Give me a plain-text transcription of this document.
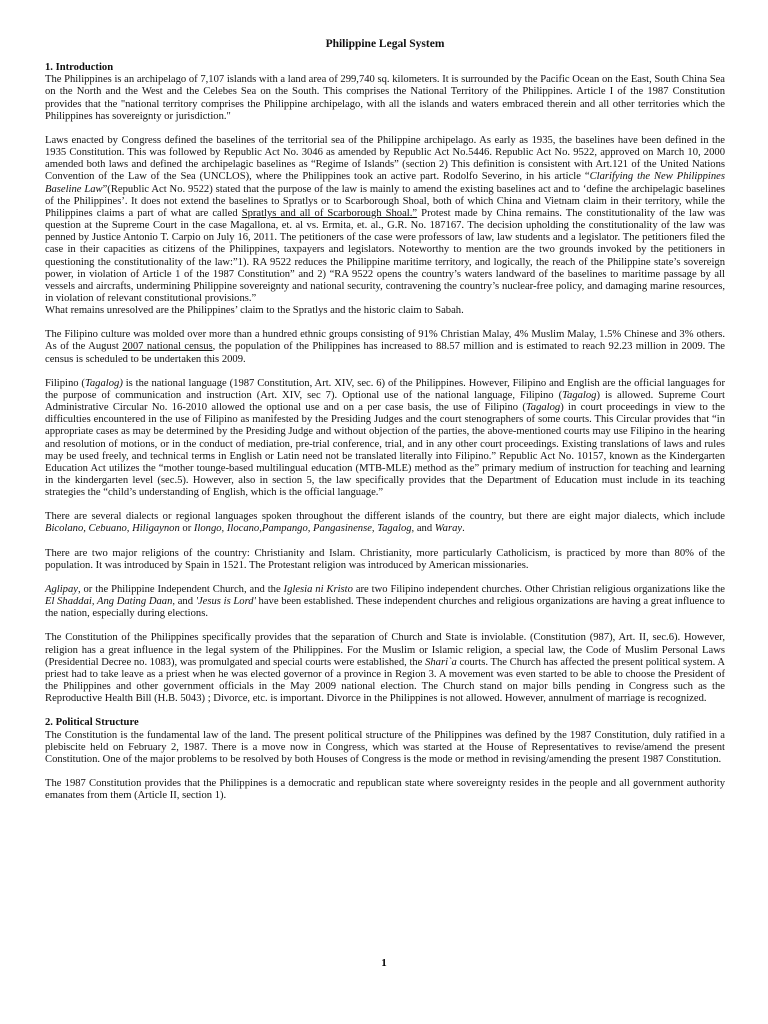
Philippine Legal System
1. Introduction
The Philippines is an archipelago of 7,107 islands with a land area of 299,740 sq. kilometers. It is surrounded by the Pacific Ocean on the East, South China Sea on the North and the West and the Celebes Sea on the South. This comprises the National Territory of the Philippines. Article I of the 1987 Constitution provides that the "national territory comprises the Philippine archipelago, with all the islands and waters embraced therein and all other territories which the Philippines has sovereignty or jurisdiction."
Laws enacted by Congress defined the baselines of the territorial sea of the Philippine archipelago. As early as 1935, the baselines have been defined in the 1935 Constitution. This was followed by Republic Act No. 3046 as amended by Republic Act No.5446. Republic Act No. 9522, approved on March 10, 2000 amended both laws and defined the archipelagic baselines as “Regime of Islands” (section 2) This definition is consistent with Art.121 of the United Nations Convention of the Law of the Sea (UNCLOS), where the Philippines took an active part. Rodolfo Severino, in his article “Clarifying the New Philippines Baseline Law”(Republic Act No. 9522) stated that the purpose of the law is mainly to amend the existing baselines act and to ‘define the archipelagic baselines of the Philippines’. It does not extend the baselines to Spratlys or to Scarborough Shoal, both of which China and Vietnam claim in their territory, while the Philippines claims a part of what are called Spratlys and all of Scarborough Shoal.” Protest made by China remains. The constitutionality of the law was question at the Supreme Court in the case Magallona, et. al vs. Ermita, et. al., G.R. No. 187167. The decision upholding the constitutionality of the law was penned by Justice Antonio T. Carpio on July 16, 2011. The petitioners of the case were professors of law, law students and a legislator. The petitioners filed the case in their capacities as citizens of the Philippines, taxpayers and legislators. Noteworthy to mention are the two grounds invoked by the petitioners in questioning the constitutionality of the law:”1). RA 9522 reduces the Philippine maritime territory, and logically, the reach of the Philippine state’s sovereign power, in violation of Article 1 of the 1987 Constitution” and 2) “RA 9522 opens the country’s waters landward of the baselines to maritime passage by all vessels and aircrafts, undermining Philippine sovereignty and national security, contravening the country’s nuclear-free policy, and damaging marine resources, in violation of relevant constitutional provisions.”
What remains unresolved are the Philippines’ claim to the Spratlys and the historic claim to Sabah.
The Filipino culture was molded over more than a hundred ethnic groups consisting of 91% Christian Malay, 4% Muslim Malay, 1.5% Chinese and 3% others. As of the August 2007 national census, the population of the Philippines has increased to 88.57 million and is estimated to reach 92.23 million in 2009. The census is scheduled to be undertaken this 2009.
Filipino (Tagalog) is the national language (1987 Constitution, Art. XIV, sec. 6) of the Philippines. However, Filipino and English are the official languages for the purpose of communication and instruction (Art. XIV, sec 7). Optional use of the national language, Filipino (Tagalog) is allowed. Supreme Court Administrative Circular No. 16-2010 allowed the optional use and on a per case basis, the use of Filipino (Tagalog) in court proceedings in view to the difficulties encountered in the use of Filipino as manifested by the Presiding Judges and the court stenographers of some courts. This Circular provides that “in appropriate cases as may be determined by the Presiding Judge and without objection of the parties, the above-mentioned courts may use Filipino in the hearing and resolution of motions, or in the conduct of mediation, pre-trial conference, trial, and in any other court proceedings. Existing translations of laws and rules may be used freely, and technical terms in English or Latin need not be translated literally into Filipino.” Republic Act No. 10157, known as the Kindergarten Education Act utilizes the “mother tounge-based multilingual education (MTB-MLE) method as the” primary medium of instruction for teaching and learning in the kindergarten level (sec.5). However, also in section 5, the law specifically provides that the Department of Education must include in its teaching strategies the “child’s understanding of English, which is the official language.”
There are several dialects or regional languages spoken throughout the different islands of the country, but there are eight major dialects, which include Bicolano, Cebuano, Hiligaynon or Ilongo, Ilocano,Pampango, Pangasinense, Tagalog, and Waray.
There are two major religions of the country: Christianity and Islam. Christianity, more particularly Catholicism, is practiced by more than 80% of the population. It was introduced by Spain in 1521. The Protestant religion was introduced by American missionaries.
Aglipay, or the Philippine Independent Church, and the Iglesia ni Kristo are two Filipino independent churches. Other Christian religious organizations like the El Shaddai, Ang Dating Daan, and 'Jesus is Lord' have been established. These independent churches and religious organizations are having a great influence to the nation, especially during elections.
The Constitution of the Philippines specifically provides that the separation of Church and State is inviolable. (Constitution (987), Art. II, sec.6). However, religion has a great influence in the legal system of the Philippines. For the Muslim or Islamic religion, a special law, the Code of Muslim Personal Laws (Presidential Decree no. 1083), was promulgated and special courts were established, the Shari`a courts. The Church has affected the present political system. A priest had to take leave as a priest when he was elected governor of a province in Region 3. A movement was even started to be able to choose the President of the Philippines and other government officials in the May 2009 national election. The Church stand on major bills pending in Congress such as the Reproductive Health Bill (H.B. 5043) ; Divorce, etc. is important. Divorce in the Philippines is not allowed. However, annulment of marriage is recognized.
2. Political Structure
The Constitution is the fundamental law of the land. The present political structure of the Philippines was defined by the 1987 Constitution, duly ratified in a plebiscite held on February 2, 1987. There is a move now in Congress, which was started at the House of Representatives to revise/amend the present Constitution. One of the major problems to be resolved by both Houses of Congress is the mode or method in revising/amending the present 1987 Constitution.
The 1987 Constitution provides that the Philippines is a democratic and republican state where sovereignty resides in the people and all government authority emanates from them (Article II, section 1).
1
